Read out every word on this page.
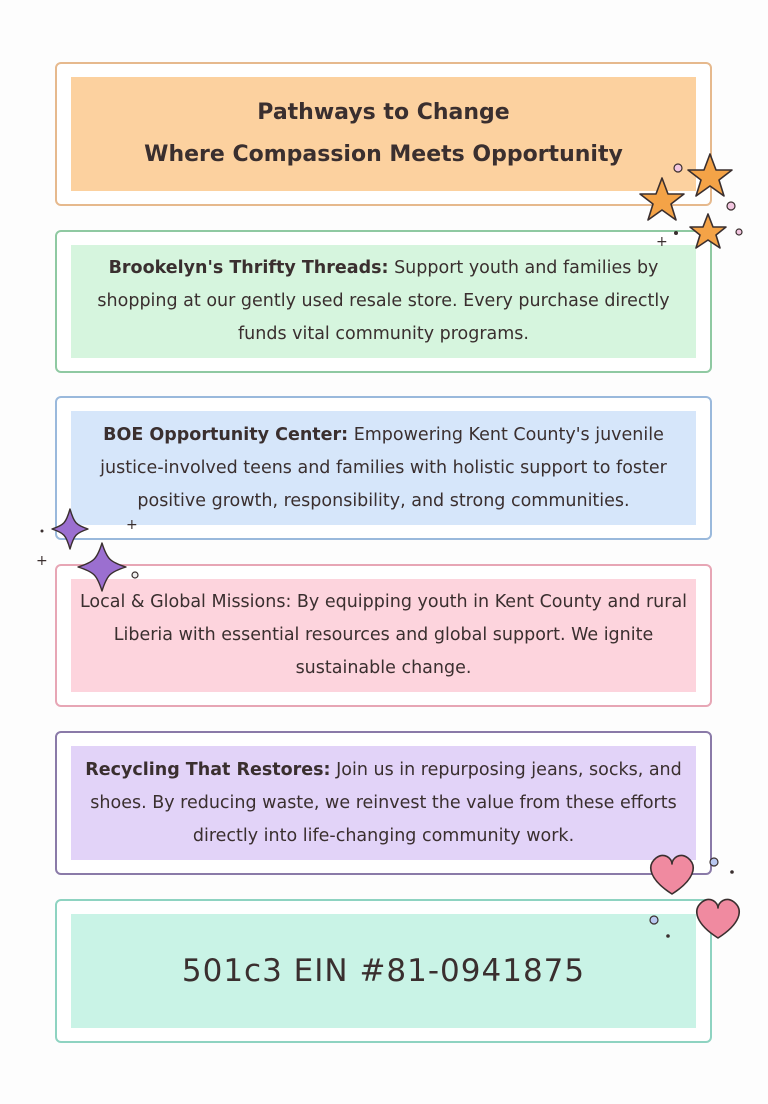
Pathways to Change
Where Compassion Meets Opportunity

Brookelyn's Thrifty Threads: Support youth and families by shopping at our gently used resale store. Every purchase directly funds vital community programs.

BOE Opportunity Center: Empowering Kent County's juvenile justice-involved teens and families with holistic support to foster positive growth, responsibility, and strong communities.

Local & Global Missions: By equipping youth in Kent County and rural Liberia with essential resources and global support. We ignite sustainable change.

Recycling That Restores: Join us in repurposing jeans, socks, and shoes. By reducing waste, we reinvest the value from these efforts directly into life-changing community work.

501c3 EIN #81-0941875
+
+
+
